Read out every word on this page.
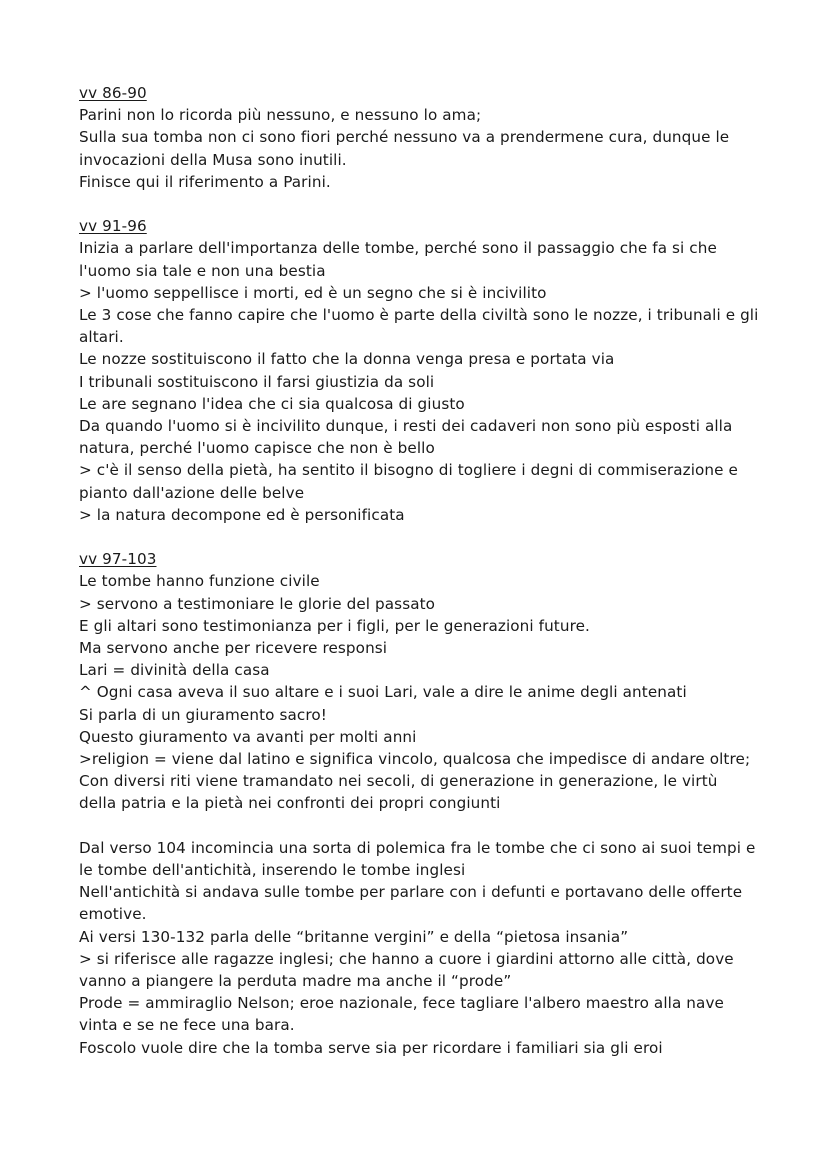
vv 86-90
Parini non lo ricorda più nessuno, e nessuno lo ama;
Sulla sua tomba non ci sono fiori perché nessuno va a prendermene cura, dunque le invocazioni della Musa sono inutili.
Finisce qui il riferimento a Parini.
vv 91-96
Inizia a parlare dell'importanza delle tombe, perché sono il passaggio che fa si che l'uomo sia tale e non una bestia
> l'uomo seppellisce i morti, ed è un segno che si è incivilito
Le 3 cose che fanno capire che l'uomo è parte della civiltà sono le nozze, i tribunali e gli altari.
Le nozze sostituiscono il fatto che la donna venga presa e portata via
I tribunali sostituiscono il farsi giustizia da soli
Le are segnano l'idea che ci sia qualcosa di giusto
Da quando l'uomo si è incivilito dunque, i resti dei cadaveri non sono più esposti alla natura, perché l'uomo capisce che non è bello
> c'è il senso della pietà, ha sentito il bisogno di togliere i degni di commiserazione e pianto dall'azione delle belve
> la natura decompone ed è personificata
vv 97-103
Le tombe hanno funzione civile
> servono a testimoniare le glorie del passato
E gli altari sono testimonianza per i figli, per le generazioni future.
Ma servono anche per ricevere responsi
Lari = divinità della casa
^ Ogni casa aveva il suo altare e i suoi Lari, vale a dire le anime degli antenati
Si parla di un giuramento sacro!
Questo giuramento va avanti per molti anni
>religion = viene dal latino e significa vincolo, qualcosa che impedisce di andare oltre;
Con diversi riti viene tramandato nei secoli, di generazione in generazione, le virtù della patria e la pietà nei confronti dei propri congiunti
Dal verso 104 incomincia una sorta di polemica fra le tombe che ci sono ai suoi tempi e le tombe dell'antichità, inserendo le tombe inglesi
Nell'antichità si andava sulle tombe per parlare con i defunti e portavano delle offerte emotive.
Ai versi 130-132 parla delle “britanne vergini” e della “pietosa insania”
> si riferisce alle ragazze inglesi; che hanno a cuore i giardini attorno alle città, dove vanno a piangere la perduta madre ma anche il “prode”
Prode = ammiraglio Nelson; eroe nazionale, fece tagliare l'albero maestro alla nave vinta e se ne fece una bara.
Foscolo vuole dire che la tomba serve sia per ricordare i familiari sia gli eroi
